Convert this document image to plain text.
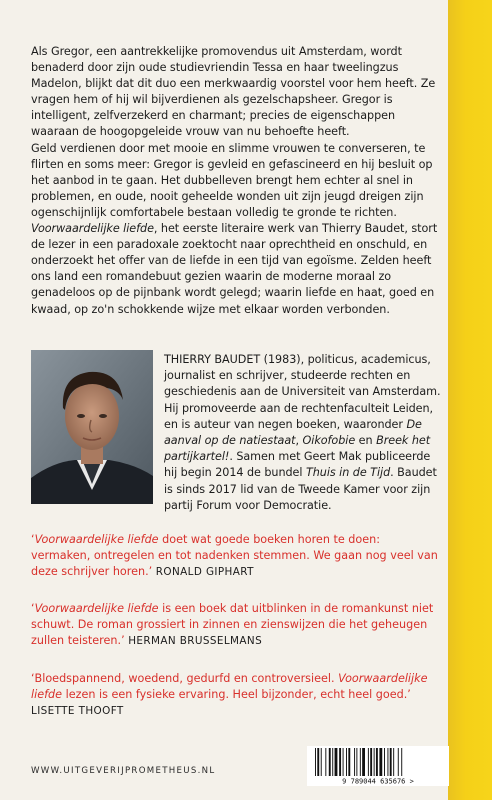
Als Gregor, een aantrekkelijke promovendus uit Amsterdam, wordt benaderd door zijn oude studievriendin Tessa en haar tweelingzus Madelon, blijkt dat dit duo een merkwaardig voorstel voor hem heeft. Ze vragen hem of hij wil bijverdienen als gezelschapsheer. Gregor is intelligent, zelfverzekerd en charmant; precies de eigenschappen waaraan de hoogopgeleide vrouw van nu behoefte heeft.

Geld verdienen door met mooie en slimme vrouwen te converseren, te flirten en soms meer: Gregor is gevleid en gefascineerd en hij besluit op het aanbod in te gaan. Het dubbelleven brengt hem echter al snel in problemen, en oude, nooit geheelde wonden uit zijn jeugd dreigen zijn ogenschijnlijk comfortabele bestaan volledig te gronde te richten.

Voorwaardelijke liefde, het eerste literaire werk van Thierry Baudet, stort de lezer in een paradoxale zoektocht naar oprechtheid en onschuld, en onderzoekt het offer van de liefde in een tijd van egoïsme. Zelden heeft ons land een romandebuut gezien waarin de moderne moraal zo genadeloos op de pijnbank wordt gelegd; waarin liefde en haat, goed en kwaad, op zo'n schokkende wijze met elkaar worden verbonden.

THIERRY BAUDET (1983), politicus, academicus, journalist en schrijver, studeerde rechten en geschiedenis aan de Universiteit van Amsterdam. Hij promoveerde aan de rechtenfaculteit Leiden, en is auteur van negen boeken, waaronder De aanval op de natiestaat, Oikofobie en Breek het partijkartel!. Samen met Geert Mak publiceerde hij begin 2014 de bundel Thuis in de Tijd. Baudet is sinds 2017 lid van de Tweede Kamer voor zijn partij Forum voor Democratie.
‘Voorwaardelijke liefde doet wat goede boeken horen te doen: vermaken, ontregelen en tot nadenken stemmen. We gaan nog veel van deze schrijver horen.’ RONALD GIPHART
‘Voorwaardelijke liefde is een boek dat uitblinken in de romankunst niet schuwt. De roman grossiert in zinnen en zienswijzen die het geheugen zullen teisteren.’ HERMAN BRUSSELMANS
‘Bloedspannend, woedend, gedurfd en controversieel. Voorwaardelijke liefde lezen is een fysieke ervaring. Heel bijzonder, echt heel goed.’ LISETTE THOOFT
WWW.UITGEVERIJPROMETHEUS.NL
9 789044 635676 >
